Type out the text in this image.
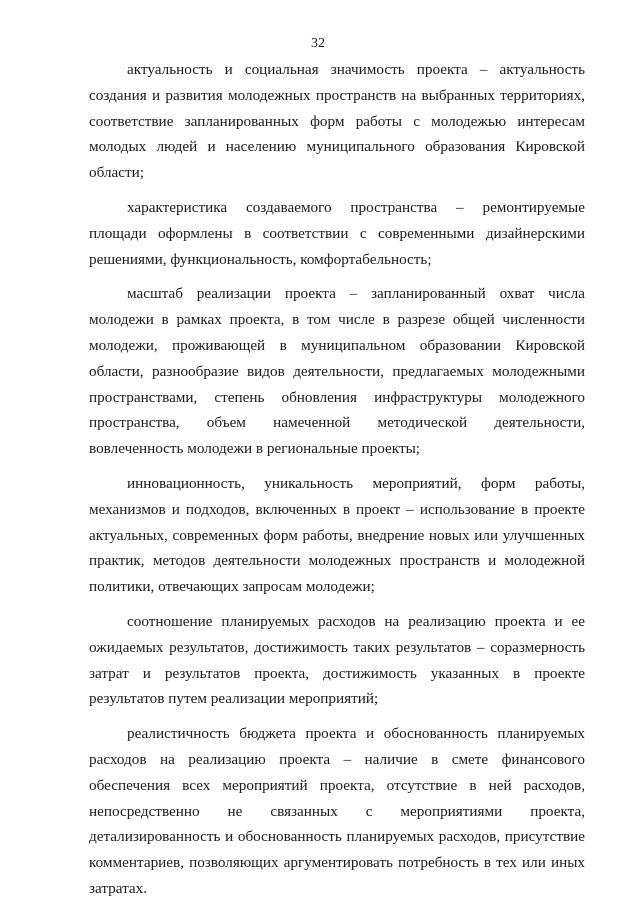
32

актуальность и социальная значимость проекта – актуальность создания и развития молодежных пространств на выбранных территориях, соответствие запланированных форм работы с молодежью интересам молодых людей и населению муниципального образования Кировской области;

характеристика создаваемого пространства – ремонтируемые площади оформлены в соответствии с современными дизайнерскими решениями, функциональность, комфортабельность;

масштаб реализации проекта – запланированный охват числа молодежи в рамках проекта, в том числе в разрезе общей численности молодежи, проживающей в муниципальном образовании Кировской области, разнообразие видов деятельности, предлагаемых молодежными пространствами, степень обновления инфраструктуры молодежного пространства, объем намеченной методической деятельности, вовлеченность молодежи в региональные проекты;

инновационность, уникальность мероприятий, форм работы, механизмов и подходов, включенных в проект – использование в проекте актуальных, современных форм работы, внедрение новых или улучшенных практик, методов деятельности молодежных пространств и молодежной политики, отвечающих запросам молодежи;

соотношение планируемых расходов на реализацию проекта и ее ожидаемых результатов, достижимость таких результатов – соразмерность затрат и результатов проекта, достижимость указанных в проекте результатов путем реализации мероприятий;

реалистичность бюджета проекта и обоснованность планируемых расходов на реализацию проекта – наличие в смете финансового обеспечения всех мероприятий проекта, отсутствие в ней расходов, непосредственно не связанных с мероприятиями проекта, детализированность и обоснованность планируемых расходов, присутствие комментариев, позволяющих аргументировать потребность в тех или иных затратах.
